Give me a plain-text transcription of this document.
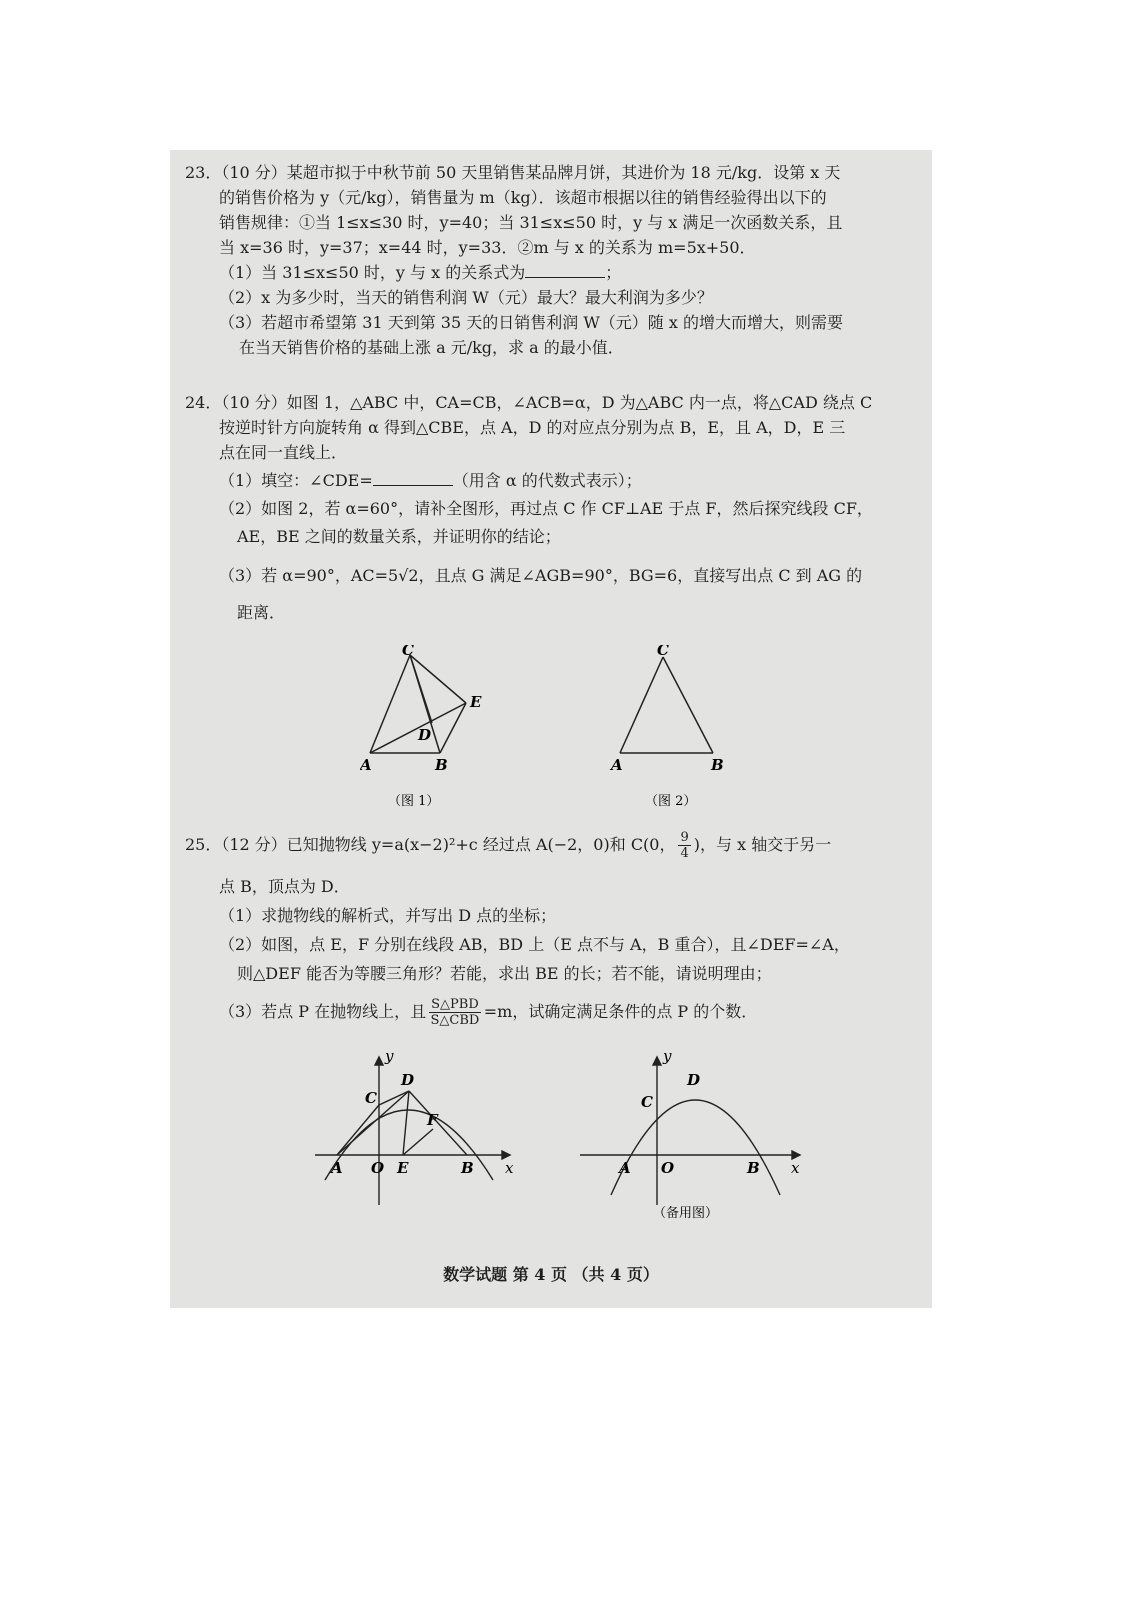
23．（10 分）某超市拟于中秋节前 50 天里销售某品牌月饼，其进价为 18 元/kg．设第 x 天
的销售价格为 y（元/kg），销售量为 m（kg）．该超市根据以往的销售经验得出以下的
销售规律：①当 1≤x≤30 时，y=40；当 31≤x≤50 时，y 与 x 满足一次函数关系，且
当 x=36 时，y=37；x=44 时，y=33．②m 与 x 的关系为 m=5x+50．
（1）当 31≤x≤50 时，y 与 x 的关系式为	；
（2）x 为多少时，当天的销售利润 W（元）最大？最大利润为多少？
（3）若超市希望第 31 天到第 35 天的日销售利润 W（元）随 x 的增大而增大，则需要
在当天销售价格的基础上涨 a 元/kg，求 a 的最小值．
24．（10 分）如图 1，△ABC 中，CA=CB，∠ACB=α，D 为△ABC 内一点，将△CAD 绕点 C
按逆时针方向旋转角 α 得到△CBE，点 A，D 的对应点分别为点 B，E，且 A，D，E 三
点在同一直线上．
（1）填空：∠CDE=	（用含 α 的代数式表示）；
（2）如图 2，若 α=60°，请补全图形，再过点 C 作 CF⊥AE 于点 F，然后探究线段 CF，
AE，BE 之间的数量关系，并证明你的结论；
（3）若 α=90°，AC=5√2，且点 G 满足∠AGB=90°，BG=6，直接写出点 C 到 AG 的
距离．
C
E
D
A	B
（图 1）
C
A	B
（图 2）
25．（12 分）已知抛物线 y=a(x−2)²+c 经过点 A(−2，0)和 C(0， $\frac{9}{4}$ )，与 x 轴交于另一
点 B，顶点为 D．
（1）求抛物线的解析式，并写出 D 点的坐标；
（2）如图，点 E，F 分别在线段 AB，BD 上（E 点不与 A，B 重合），且∠DEF=∠A，
则△DEF 能否为等腰三角形？若能，求出 BE 的长；若不能，请说明理由；
（3）若点 P 在抛物线上，且 $\frac{\text{S△PBD}}{\text{S△CBD}} =m$，试确定满足条件的点 P 的个数．
y
D
C
F
A O E	B x
y
D
C
A O	B x
（备用图）
数学试题 第 4 页 （共 4 页）
